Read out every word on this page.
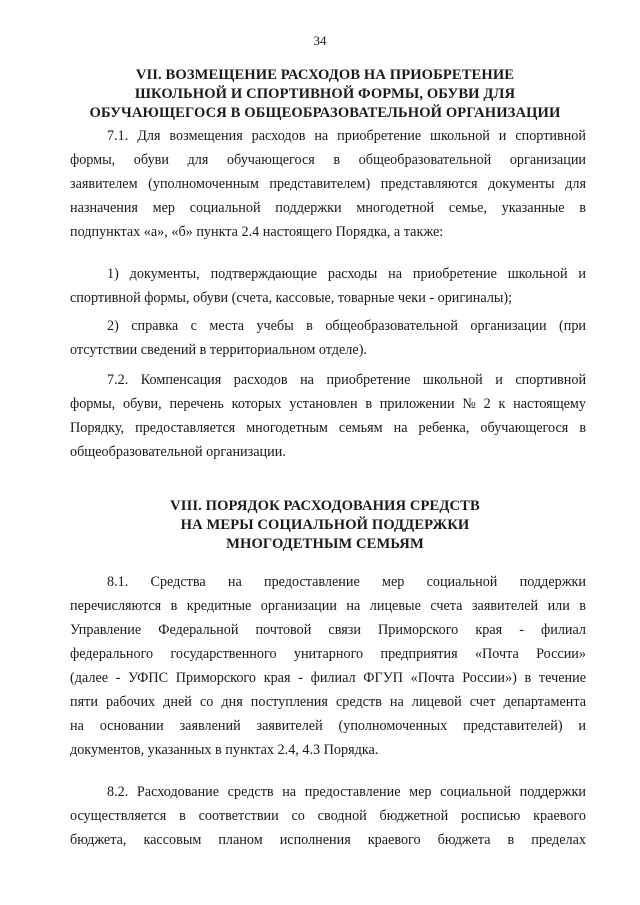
34
VII. ВОЗМЕЩЕНИЕ РАСХОДОВ НА ПРИОБРЕТЕНИЕ
ШКОЛЬНОЙ И СПОРТИВНОЙ ФОРМЫ, ОБУВИ ДЛЯ
ОБУЧАЮЩЕГОСЯ В ОБЩЕОБРАЗОВАТЕЛЬНОЙ ОРГАНИЗАЦИИ
7.1. Для возмещения расходов на приобретение школьной и спортивной
формы, обуви для обучающегося в общеобразовательной организации
заявителем (уполномоченным представителем) представляются документы для
назначения мер социальной поддержки многодетной семье, указанные в
подпунктах «а», «б» пункта 2.4 настоящего Порядка, а также:
1) документы, подтверждающие расходы на приобретение школьной и
спортивной формы, обуви (счета, кассовые, товарные чеки - оригиналы);
2) справка с места учебы в общеобразовательной организации (при
отсутствии сведений в территориальном отделе).
7.2. Компенсация расходов на приобретение школьной и спортивной
формы, обуви, перечень которых установлен в приложении № 2 к настоящему
Порядку, предоставляется многодетным семьям на ребенка, обучающегося в
общеобразовательной организации.
VIII. ПОРЯДОК РАСХОДОВАНИЯ СРЕДСТВ
НА МЕРЫ СОЦИАЛЬНОЙ ПОДДЕРЖКИ
МНОГОДЕТНЫМ СЕМЬЯМ
8.1. Средства на предоставление мер социальной поддержки
перечисляются в кредитные организации на лицевые счета заявителей или в
Управление Федеральной почтовой связи Приморского края - филиал
федерального государственного унитарного предприятия «Почта России»
(далее - УФПС Приморского края - филиал ФГУП «Почта России») в течение
пяти рабочих дней со дня поступления средств на лицевой счет департамента
на основании заявлений заявителей (уполномоченных представителей) и
документов, указанных в пунктах 2.4, 4.3 Порядка.
8.2. Расходование средств на предоставление мер социальной поддержки
осуществляется в соответствии со сводной бюджетной росписью краевого
бюджета, кассовым планом исполнения краевого бюджета в пределах
